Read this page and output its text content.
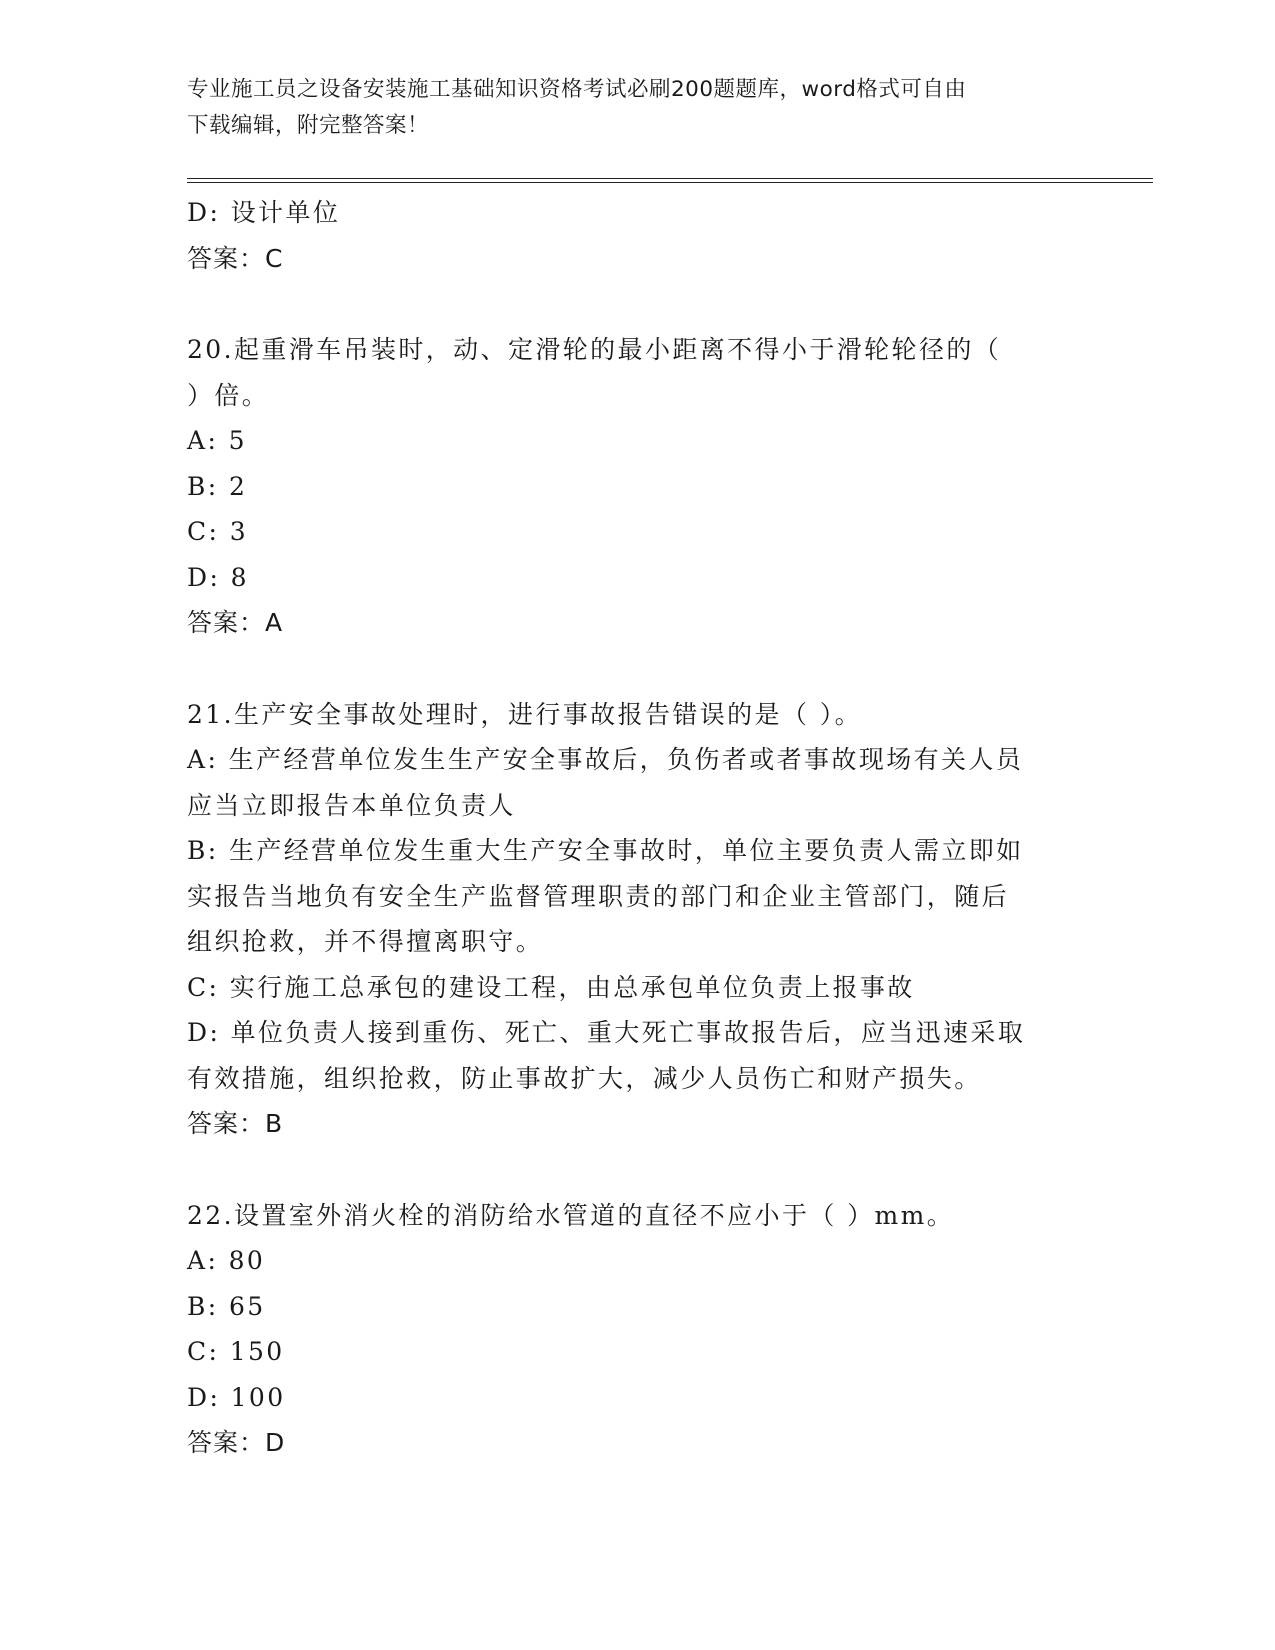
专业施工员之设备安装施工基础知识资格考试必刷200题题库，word格式可自由
下载编辑，附完整答案！
D: 设计单位
答案：C
20.起重滑车吊装时，动、定滑轮的最小距离不得小于滑轮轮径的（
）倍。
A: 5
B: 2
C: 3
D: 8
答案：A
21.生产安全事故处理时，进行事故报告错误的是（ ）。
A: 生产经营单位发生生产安全事故后，负伤者或者事故现场有关人员
应当立即报告本单位负责人
B: 生产经营单位发生重大生产安全事故时，单位主要负责人需立即如
实报告当地负有安全生产监督管理职责的部门和企业主管部门，随后
组织抢救，并不得擅离职守。
C: 实行施工总承包的建设工程，由总承包单位负责上报事故
D: 单位负责人接到重伤、死亡、重大死亡事故报告后，应当迅速采取
有效措施，组织抢救，防止事故扩大，减少人员伤亡和财产损失。
答案：B
22.设置室外消火栓的消防给水管道的直径不应小于（ ）mm。
A: 80
B: 65
C: 150
D: 100
答案：D
